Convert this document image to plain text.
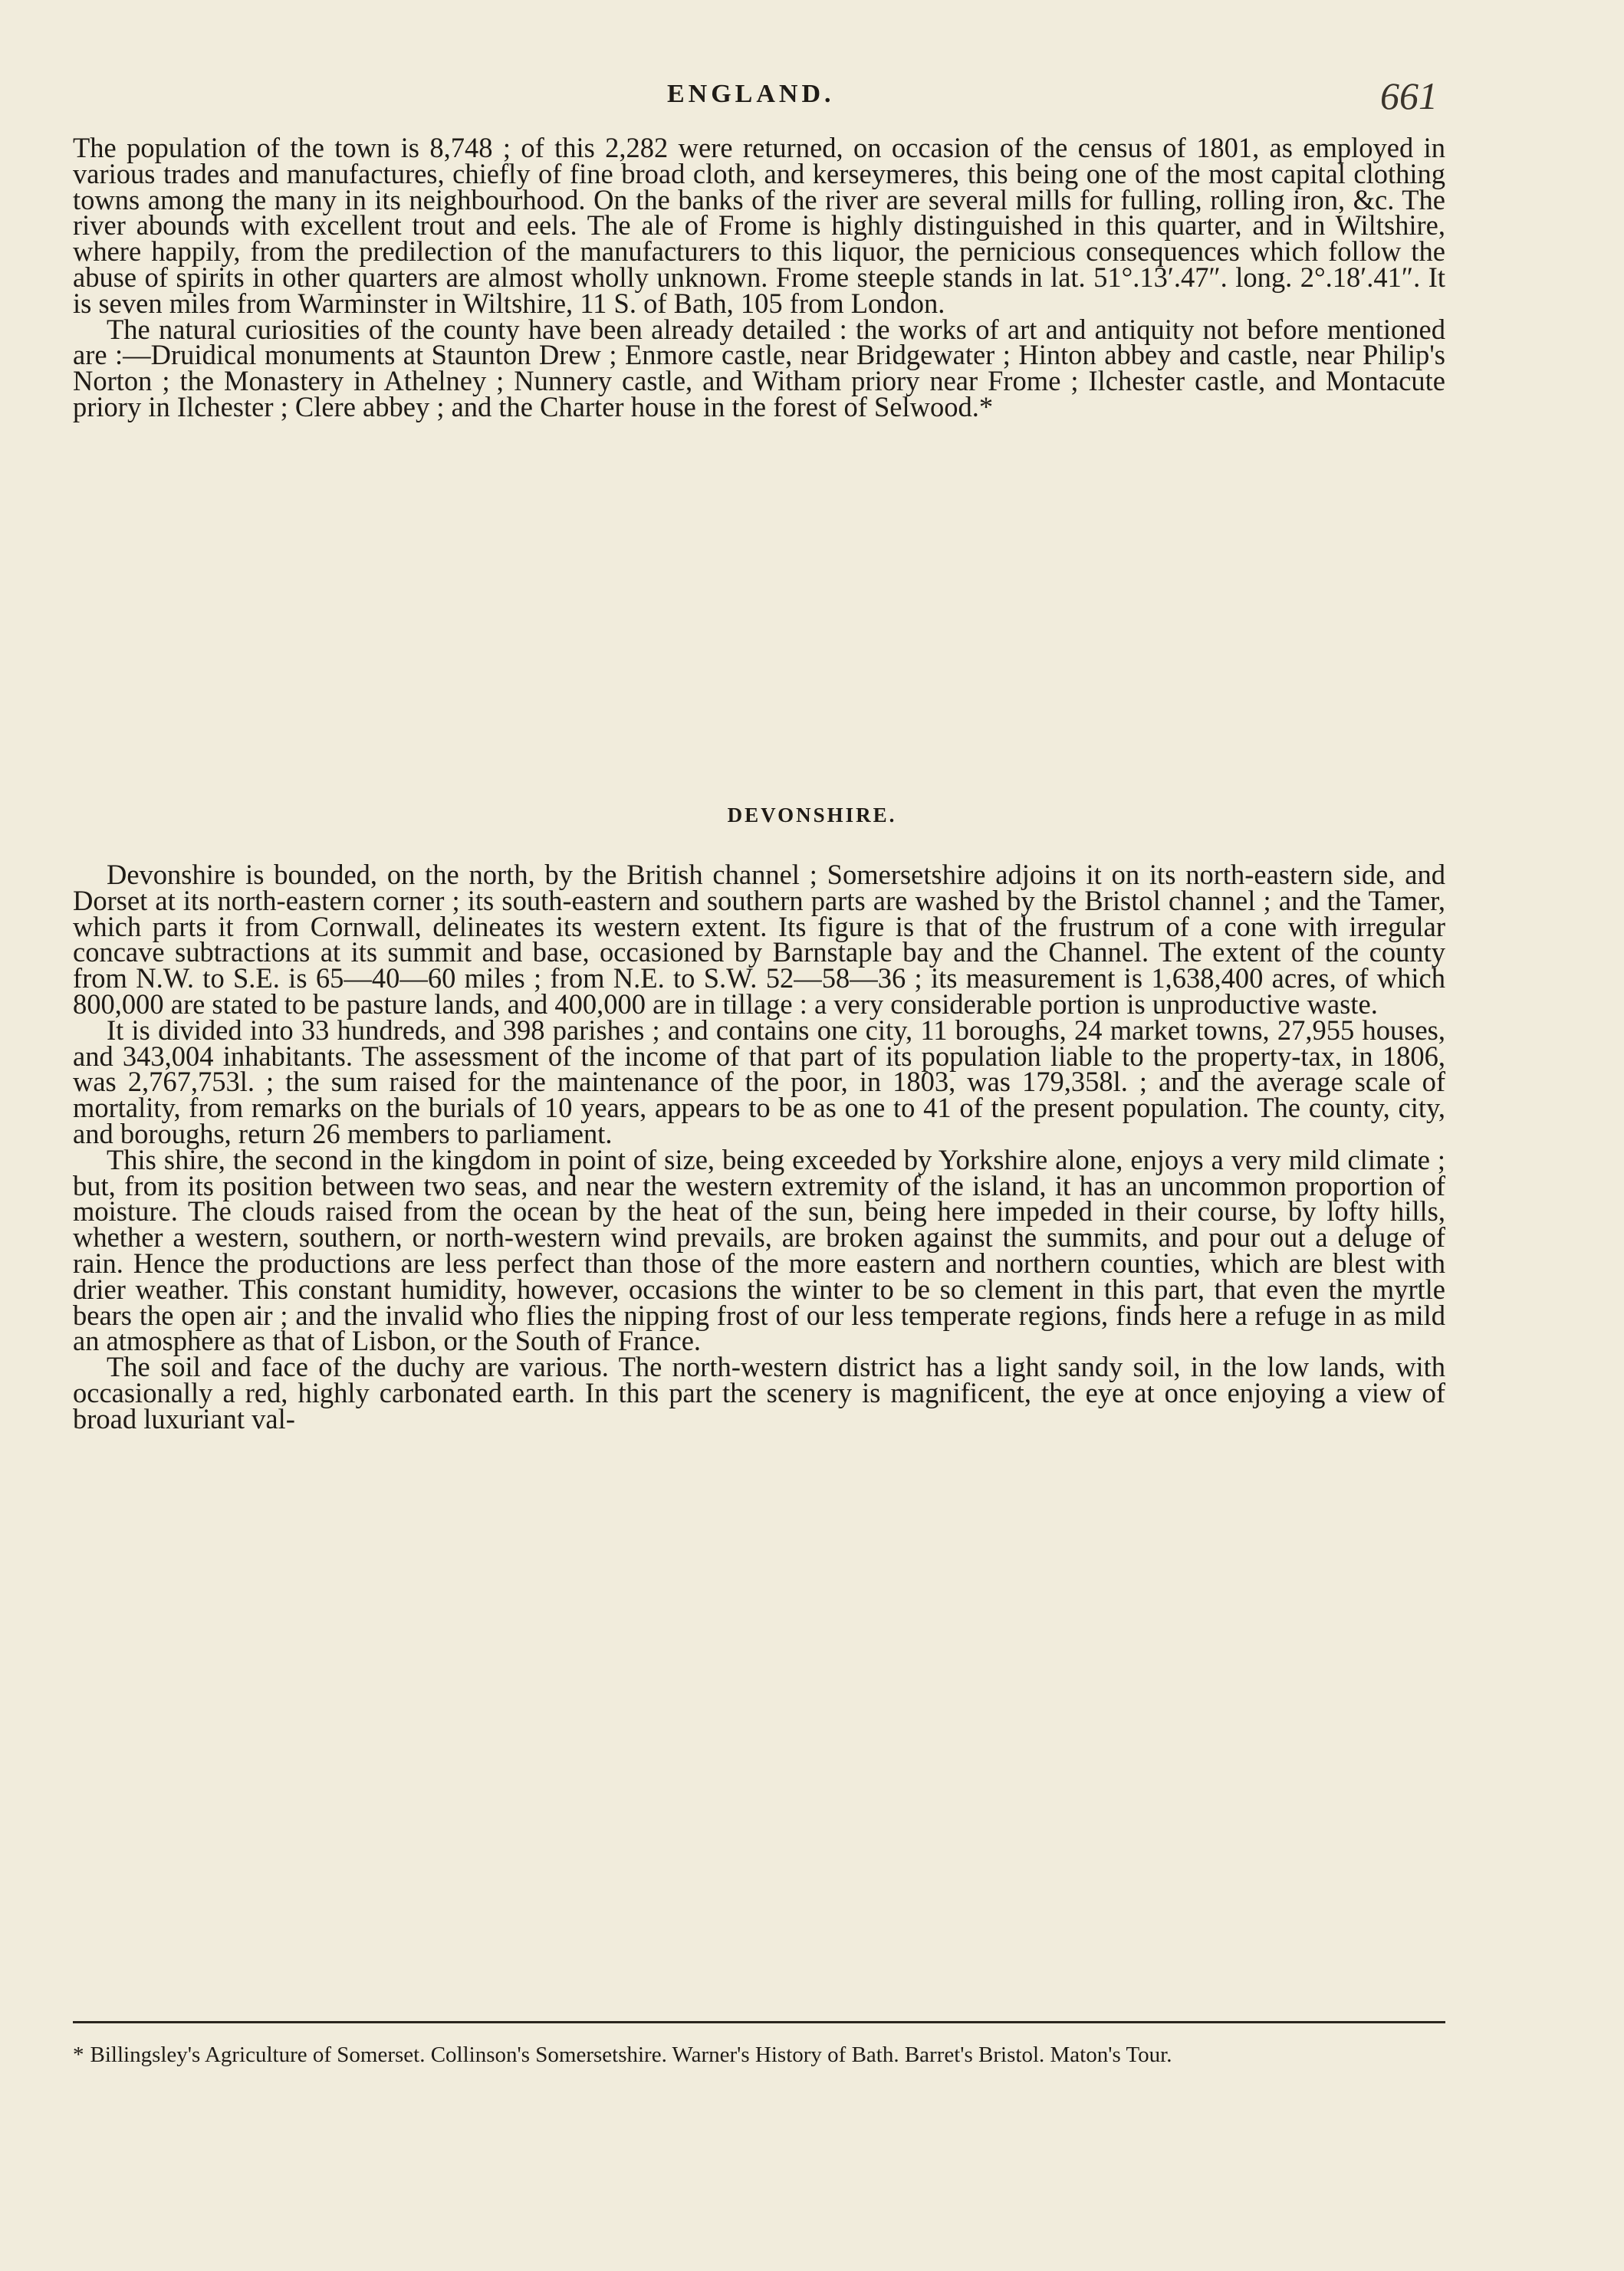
ENGLAND.	661

The population of the town is 8,748 ; of this 2,282 were returned, on occasion of the census of 1801, as employed in various trades and manufactures, chiefly of fine broad cloth, and kerseymeres, this being one of the most capital clothing towns among the many in its neighbourhood. On the banks of the river are several mills for fulling, rolling iron, &c. The river abounds with excellent trout and eels. The ale of Frome is highly distinguished in this quarter, and in Wiltshire, where happily, from the predilection of the manufacturers to this liquor, the pernicious consequences which follow the abuse of spirits in other quarters are almost wholly unknown. Frome steeple stands in lat. 51°.13′.47″. long. 2°.18′.41″. It is seven miles from Warminster in Wiltshire, 11 S. of Bath, 105 from London.

The natural curiosities of the county have been already detailed : the works of art and antiquity not before mentioned are :—Druidical monuments at Staunton Drew ; Enmore castle, near Bridgewater ; Hinton abbey and castle, near Philip's Norton ; the Monastery in Athelney ; Nunnery castle, and Witham priory near Frome ; Ilchester castle, and Montacute priory in Ilchester ; Clere abbey ; and the Charter house in the forest of Selwood.*

DEVONSHIRE.

Devonshire is bounded, on the north, by the British channel ; Somersetshire adjoins it on its north-eastern side, and Dorset at its north-eastern corner ; its south-eastern and southern parts are washed by the Bristol channel ; and the Tamer, which parts it from Cornwall, delineates its western extent. Its figure is that of the frustrum of a cone with irregular concave subtractions at its summit and base, occasioned by Barnstaple bay and the Channel. The extent of the county from N.W. to S.E. is 65—40—60 miles ; from N.E. to S.W. 52—58—36 ; its measurement is 1,638,400 acres, of which 800,000 are stated to be pasture lands, and 400,000 are in tillage : a very considerable portion is unproductive waste.

It is divided into 33 hundreds, and 398 parishes ; and contains one city, 11 boroughs, 24 market towns, 27,955 houses, and 343,004 inhabitants. The assessment of the income of that part of its population liable to the property-tax, in 1806, was 2,767,753l. ; the sum raised for the maintenance of the poor, in 1803, was 179,358l. ; and the average scale of mortality, from remarks on the burials of 10 years, appears to be as one to 41 of the present population. The county, city, and boroughs, return 26 members to parliament.

This shire, the second in the kingdom in point of size, being exceeded by Yorkshire alone, enjoys a very mild climate ; but, from its position between two seas, and near the western extremity of the island, it has an uncommon proportion of moisture. The clouds raised from the ocean by the heat of the sun, being here impeded in their course, by lofty hills, whether a western, southern, or north-western wind prevails, are broken against the summits, and pour out a deluge of rain. Hence the productions are less perfect than those of the more eastern and northern counties, which are blest with drier weather. This constant humidity, however, occasions the winter to be so clement in this part, that even the myrtle bears the open air ; and the invalid who flies the nipping frost of our less temperate regions, finds here a refuge in as mild an atmosphere as that of Lisbon, or the South of France.

The soil and face of the duchy are various. The north-western district has a light sandy soil, in the low lands, with occasionally a red, highly carbonated earth. In this part the scenery is magnificent, the eye at once enjoying a view of broad luxuriant val-

* Billingsley's Agriculture of Somerset. Collinson's Somersetshire. Warner's History of Bath. Barret's Bristol. Maton's Tour.
